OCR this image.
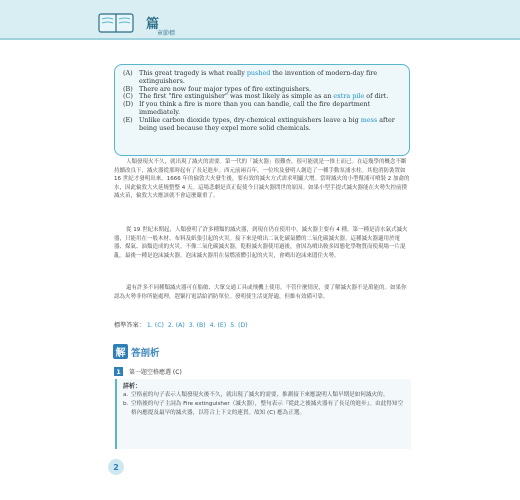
篇
章節標
(A) This great tragedy is what really pushed the invention of modern-day fire extinguishers.
(B) There are now four major types of fire extinguishers.
(C) The first "fire extinguisher" was most likely as simple as an extra pile of dirt.
(D) If you think a fire is more than you can handle, call the fire department immediately.
(E) Unlike carbon dioxide types, dry-chemical extinguishers leave a big mess after being used because they expel more solid chemicals.

人類發現火不久，就出現了滅火的需要。第一代的「滅火器」很難查，很可能就是一推土而已。在這幾學的概念不斷持續改良下，滅火器從那時起有了長足進步。西元前兩百年，一位埃及發明人創造了一種手動泵浦水柱。其他消防裝置如 16 世紀才發明出來。1666 年的倫敦大火發生後，要有效的滅火方式需求明顯大增。當時滅火的小型幫浦可噴裝 2 加侖的水，因此倫敦大火延燒整整 4 天。這場悲劇是真正促使今日滅火器問世的原因。如果小型手提式滅火器能在火勢失控前撲滅火苗，倫敦大火應該就不會這麼嚴重了。

從 19 世紀末期起，人類發明了許多種類的滅火器，到現在仍在使用中。滅火器主要有 4 種。第一種是清水氣式滅火器，只能用在一般木材、布料及紙張引起的火災。接下來是噴出二氧化碳氣體的二氧化碳滅火器。這種滅火器適用於電器、煤氣、油類造成的火災。不像二氧化碳滅火器，乾粉滅火器使用過後，會因為噴出較多固態化學物質而使現場一片混亂。最後一種是泡沫滅火器。泡沫滅火器用在易燃液體引起的火災，會噴出泡沫來悶住火勢。

還有許多不同種類滅火器可在船舶、大眾交通工具或飛機上使用。不管什麼情況，要了解滅火器不是萬能的。如果你認為火勢非你所能處理，趕緊打電話給消防單位。發明使生活更舒適，但維有效備可靠。

標準答案： 1. (C) 2. (A) 3. (B) 4. (E) 5. (D)
解 答剖析
1	第一題空格應選 (C)
詳析：
a. 空格前的句子表示人類發現火後不久，就出現了滅火的需要，推測接下來應說明人類早期是如何滅火的。
b. 空格後的句子主詞為 Fire extinguisher（滅火器），整句表示『從此之後滅火器有了長足的進步』。由此得知空格內應提及最早的滅火器，以符合上下文的連貫。故知 (C) 應為正選。
2
